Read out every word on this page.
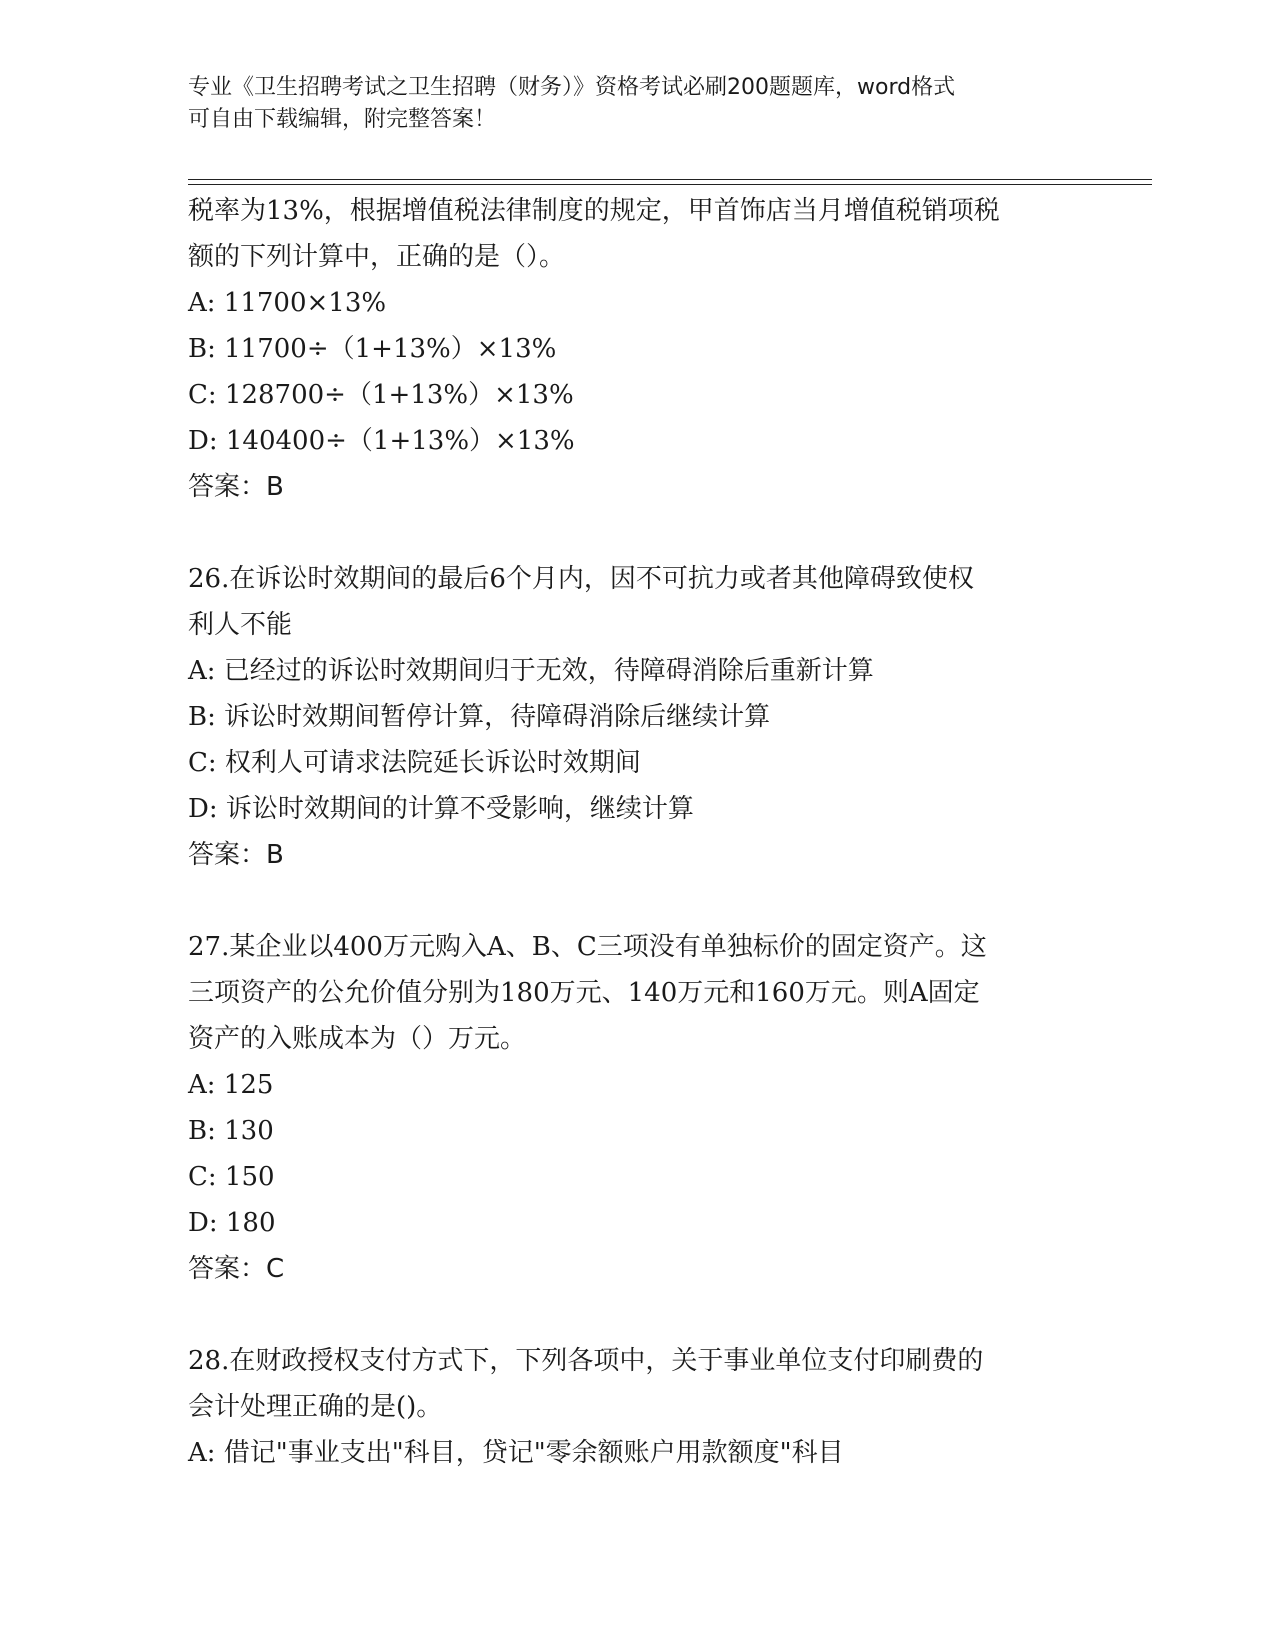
专业《卫生招聘考试之卫生招聘（财务）》资格考试必刷200题题库，word格式
可自由下载编辑，附完整答案！
税率为13%，根据增值税法律制度的规定，甲首饰店当月增值税销项税
额的下列计算中，正确的是（）。
A: 11700×13%
B: 11700÷（1+13%）×13%
C: 128700÷（1+13%）×13%
D: 140400÷（1+13%）×13%
答案：B
26.在诉讼时效期间的最后6个月内，因不可抗力或者其他障碍致使权
利人不能
A: 已经过的诉讼时效期间归于无效，待障碍消除后重新计算
B: 诉讼时效期间暂停计算，待障碍消除后继续计算
C: 权利人可请求法院延长诉讼时效期间
D: 诉讼时效期间的计算不受影响，继续计算
答案：B
27.某企业以400万元购入A、B、C三项没有单独标价的固定资产。这
三项资产的公允价值分别为180万元、140万元和160万元。则A固定
资产的入账成本为（）万元。
A: 125
B: 130
C: 150
D: 180
答案：C
28.在财政授权支付方式下，下列各项中，关于事业单位支付印刷费的
会计处理正确的是()。
A: 借记"事业支出"科目，贷记"零余额账户用款额度"科目
